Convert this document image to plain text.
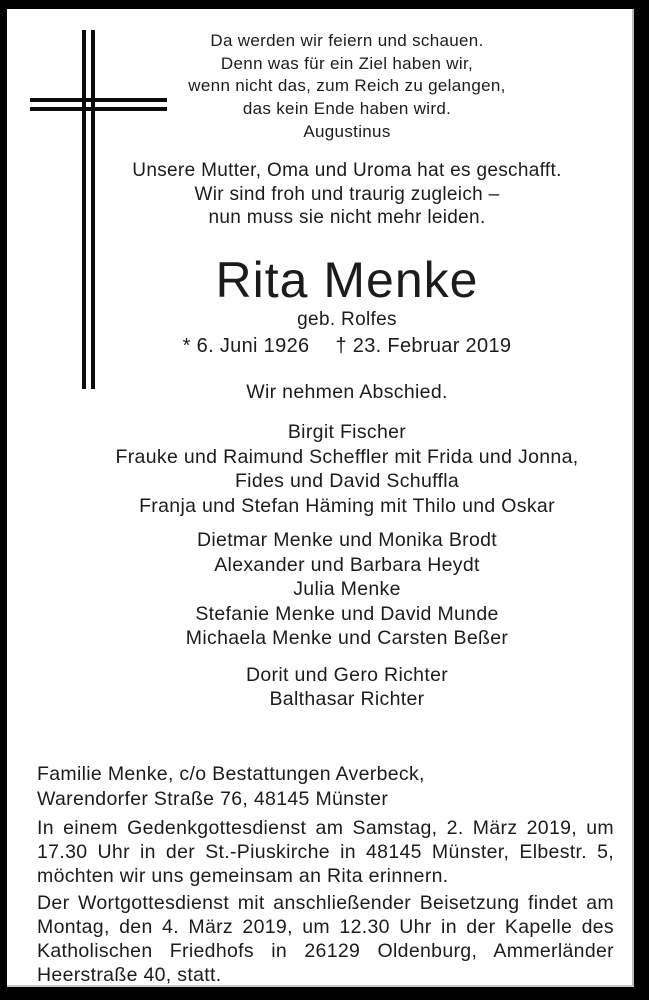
Da werden wir feiern und schauen.
Denn was für ein Ziel haben wir,
wenn nicht das, zum Reich zu gelangen,
das kein Ende haben wird.
Augustinus
Unsere Mutter, Oma und Uroma hat es geschafft.
Wir sind froh und traurig zugleich –
nun muss sie nicht mehr leiden.
Rita Menke
geb. Rolfes
* 6. Juni 1926 † 23. Februar 2019
Wir nehmen Abschied.
Birgit Fischer
Frauke und Raimund Scheffler mit Frida und Jonna,
Fides und David Schuffla
Franja und Stefan Häming mit Thilo und Oskar
Dietmar Menke und Monika Brodt
Alexander und Barbara Heydt
Julia Menke
Stefanie Menke und David Munde
Michaela Menke und Carsten Beßer
Dorit und Gero Richter
Balthasar Richter
Familie Menke, c/o Bestattungen Averbeck,
Warendorfer Straße 76, 48145 Münster
In einem Gedenkgottesdienst am Samstag, 2. März 2019, um 17.30 Uhr in der St.-Piuskirche in 48145 Münster, Elbestr. 5, möchten wir uns gemeinsam an Rita erinnern.
Der Wortgottesdienst mit anschließender Beisetzung findet am Montag, den 4. März 2019, um 12.30 Uhr in der Kapelle des Katholischen Friedhofs in 26129 Oldenburg, Ammerländer Heerstraße 40, statt.
